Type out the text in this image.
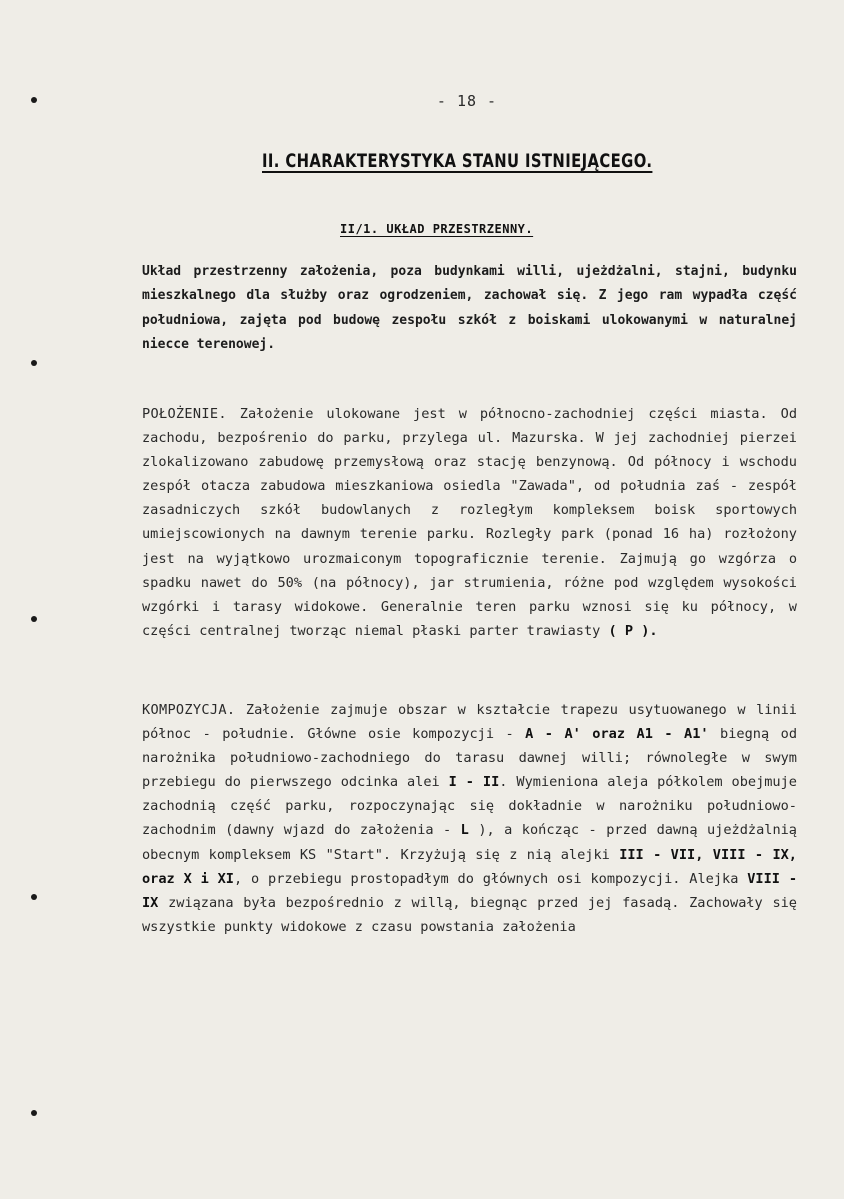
- 18 -
II. CHARAKTERYSTYKA STANU ISTNIEJĄCEGO.
II/1. UKŁAD PRZESTRZENNY.

Układ przestrzenny założenia, poza budynkami willi, ujeżdżalni, stajni, budynku mieszkalnego dla służby oraz ogrodzeniem, zachował się. Z jego ram wypadła część południowa, zajęta pod budowę zespołu szkół z boiskami ulokowanymi w naturalnej niecce terenowej.

POŁOŻENIE. Założenie ulokowane jest w północno-zachodniej części miasta. Od zachodu, bezpośrenio do parku, przylega ul. Mazurska. W jej zachodniej pierzei zlokalizowano zabudowę przemysłową oraz stację benzynową. Od północy i wschodu zespół otacza zabudowa mieszkaniowa osiedla "Zawada", od południa zaś - zespół zasadniczych szkół budowlanych z rozległym kompleksem boisk sportowych umiejscowionych na dawnym terenie parku. Rozległy park (ponad 16 ha) rozłożony jest na wyjątkowo urozmaiconym topograficznie terenie. Zajmują go wzgórza o spadku nawet do 50% (na północy), jar strumienia, różne pod względem wysokości wzgórki i tarasy widokowe. Generalnie teren parku wznosi się ku północy, w części centralnej tworząc niemal płaski parter trawiasty ( P ).

KOMPOZYCJA. Założenie zajmuje obszar w kształcie trapezu usytuowanego w linii północ - południe. Główne osie kompozycji - A - A' oraz A1 - A1' biegną od narożnika południowo-zachodniego do tarasu dawnej willi; równoległe w swym przebiegu do pierwszego odcinka alei I - II. Wymieniona aleja półkolem obejmuje zachodnią część parku, rozpoczynając się dokładnie w narożniku południowo-zachodnim (dawny wjazd do założenia - L ), a kończąc - przed dawną ujeżdżalnią obecnym kompleksem KS "Start". Krzyżują się z nią alejki III - VII, VIII - IX, oraz X i XI, o przebiegu prostopadłym do głównych osi kompozycji. Alejka VIII - IX związana była bezpośrednio z willą, biegnąc przed jej fasadą. Zachowały się wszystkie punkty widokowe z czasu powstania założenia
